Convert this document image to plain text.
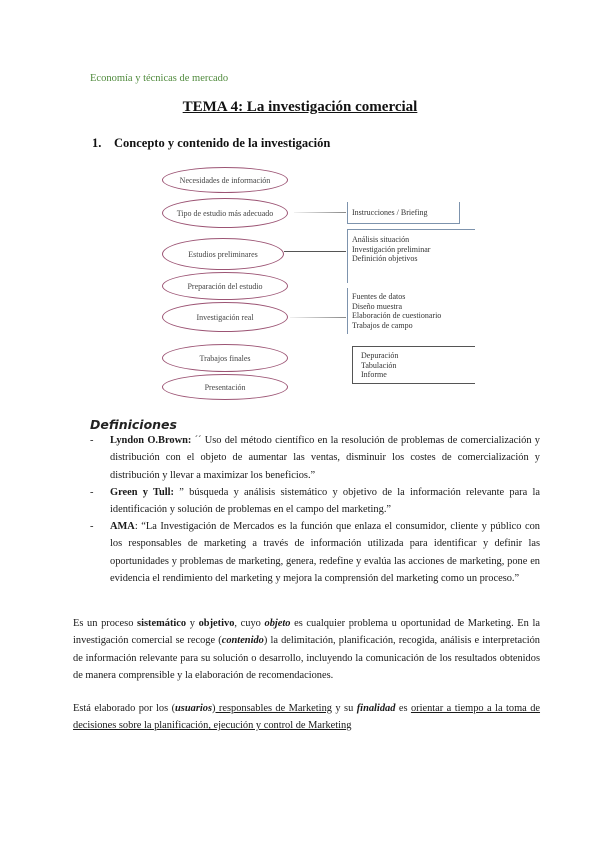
Economía y técnicas de mercado
TEMA 4: La investigación comercial
1. Concepto y contenido de la investigación
Necesidades de información
Tipo de estudio más adecuado
Estudios preliminares
Preparación del estudio
Investigación real
Trabajos finales
Presentación
Instrucciones / Briefing
Análisis situación
Investigación preliminar
Definición objetivos
Fuentes de datos
Diseño muestra
Elaboración de cuestionario
Trabajos de campo
Depuración
Tabulación
Informe
Definiciones
- Lyndon O.Brown: ´´ Uso del método científico en la resolución de problemas de comercialización y distribución con el objeto de aumentar las ventas, disminuir los costes de comercialización y distribución y llevar a maximizar los beneficios.”
- Green y Tull: ” búsqueda y análisis sistemático y objetivo de la información relevante para la identificación y solución de problemas en el campo del marketing.”
- AMA: “La Investigación de Mercados es la función que enlaza el consumidor, cliente y público con los responsables de marketing a través de información utilizada para identificar y definir las oportunidades y problemas de marketing, genera, redefine y evalúa las acciones de marketing, pone en evidencia el rendimiento del marketing y mejora la comprensión del marketing como un proceso.”
Es un proceso sistemático y objetivo, cuyo objeto es cualquier problema u oportunidad de Marketing. En la investigación comercial se recoge (contenido) la delimitación, planificación, recogida, análisis e interpretación de información relevante para su solución o desarrollo, incluyendo la comunicación de los resultados obtenidos de manera comprensible y la elaboración de recomendaciones.
Está elaborado por los (usuarios) responsables de Marketing y su finalidad es orientar a tiempo a la toma de decisiones sobre la planificación, ejecución y control de Marketing
